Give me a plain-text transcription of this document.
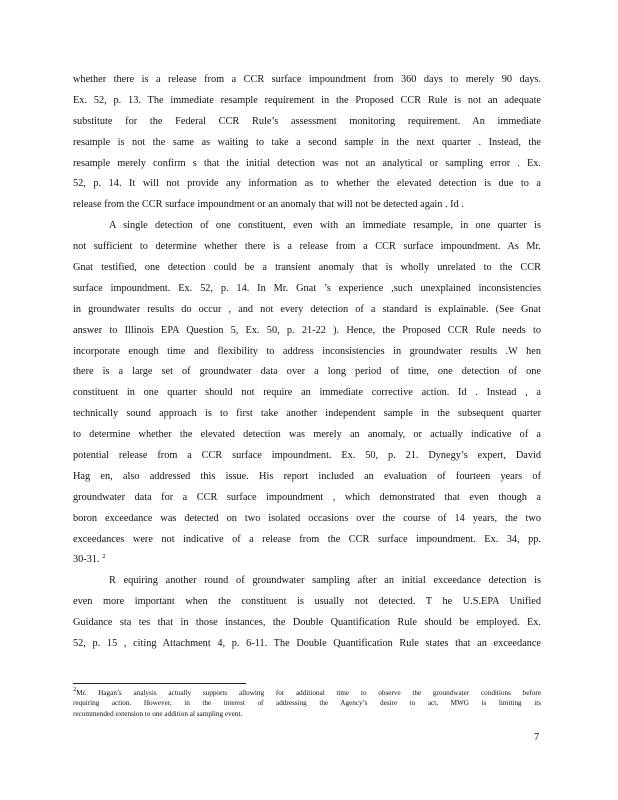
whether there is a release from a CCR surface impoundment from 360 days to merely 90 days.
Ex. 52, p. 13. The immediate resample requirement in the Proposed CCR Rule is not an adequate
substitute for the Federal CCR Rule’s assessment monitoring requirement. An immediate
resample is not the same as waiting to take a second sample in the next quarter . Instead, the
resample merely confirm s that the initial detection was not an analytical or sampling error . Ex.
52, p. 14. It will not provide any information as to whether the elevated detection is due to a
release from the CCR surface impoundment or an anomaly that will not be detected again . Id .
A single detection of one constituent, even with an immediate resample, in one quarter is
not sufficient to determine whether there is a release from a CCR surface impoundment. As Mr.
Gnat testified, one detection could be a transient anomaly that is wholly unrelated to the CCR
surface impoundment. Ex. 52, p. 14. In Mr. Gnat ’s experience ,such unexplained inconsistencies
in groundwater results do occur , and not every detection of a standard is explainable. (See Gnat
answer to Illinois EPA Question 5, Ex. 50, p. 21-22 ). Hence, the Proposed CCR Rule needs to
incorporate enough time and flexibility to address inconsistencies in groundwater results .W hen
there is a large set of groundwater data over a long period of time, one detection of one
constituent in one quarter should not require an immediate corrective action. Id . Instead , a
technically sound approach is to first take another independent sample in the subsequent quarter
to determine whether the elevated detection was merely an anomaly, or actually indicative of a
potential release from a CCR surface impoundment. Ex. 50, p. 21. Dynegy’s expert, David
Hag en, also addressed this issue. His report included an evaluation of fourteen years of
groundwater data for a CCR surface impoundment , which demonstrated that even though a
boron exceedance was detected on two isolated occasions over the course of 14 years, the two
exceedances were not indicative of a release from the CCR surface impoundment. Ex. 34, pp.
30-31. $^2$
R equiring another round of groundwater sampling after an initial exceedance detection is
even more important when the constituent is usually not detected. T he U.S.EPA Unified
Guidance sta tes that in those instances, the Double Quantification Rule should be employed. Ex.
52, p. 15 , citing Attachment 4, p. 6-11. The Double Quantification Rule states that an exceedance
$^2$Mr. Hagan’s analysis actually supports allowing for additional time to observe the groundwater conditions before
requiring action. However, in the interest of addressing the Agency’s desire to act, MWG is limiting its
recommended extension to one addition al sampling event.
7
